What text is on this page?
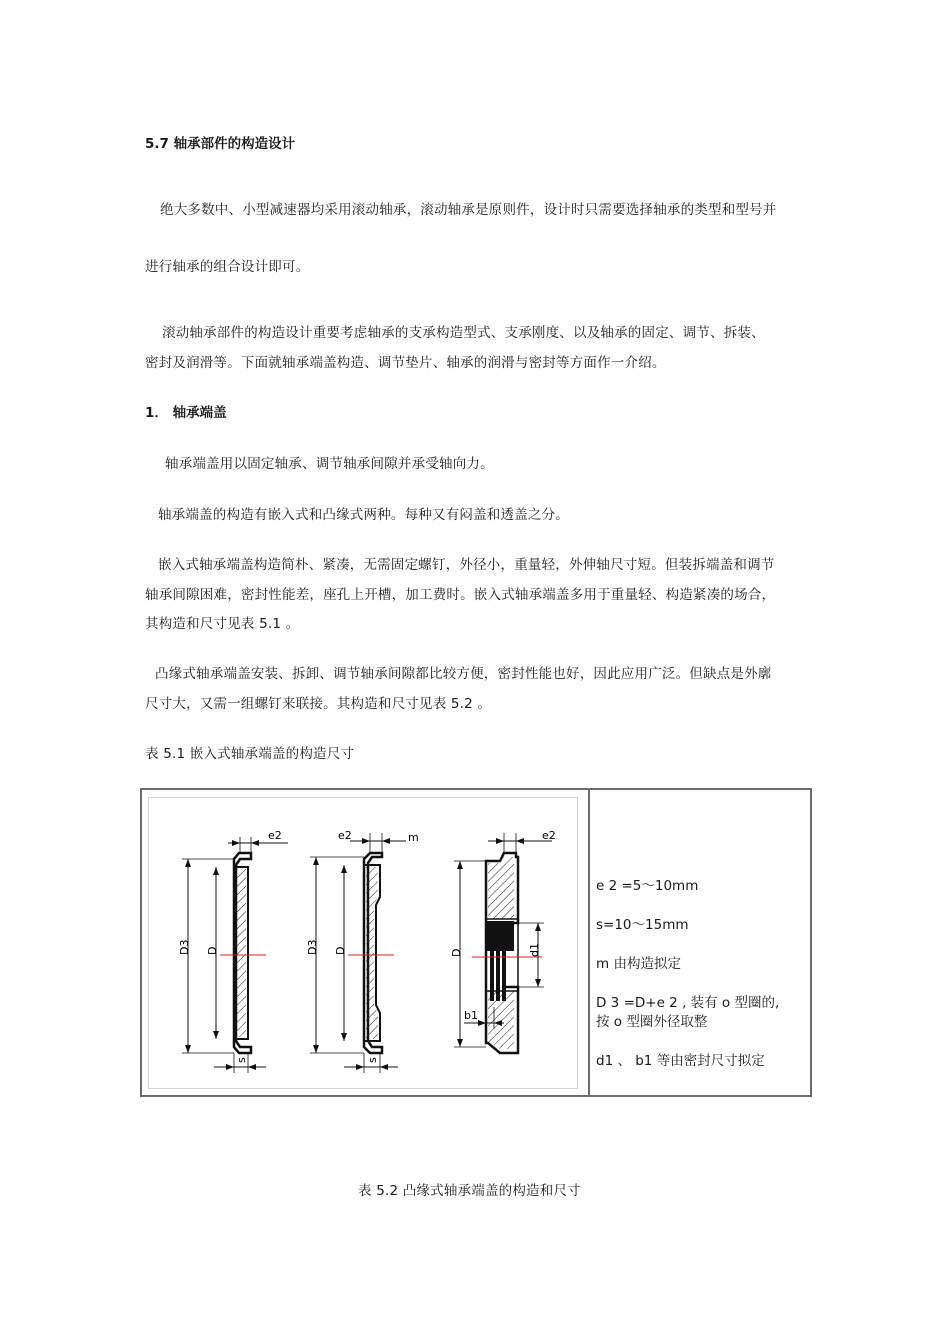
5.7 轴承部件的构造设计
绝大多数中、小型减速器均采用滚动轴承，滚动轴承是原则件，设计时只需要选择轴承的类型和型号并
进行轴承的组合设计即可。
滚动轴承部件的构造设计重要考虑轴承的支承构造型式、支承刚度、以及轴承的固定、调节、拆装、
密封及润滑等。下面就轴承端盖构造、调节垫片、轴承的润滑与密封等方面作一介绍。
1． 轴承端盖
轴承端盖用以固定轴承、调节轴承间隙并承受轴向力。
轴承端盖的构造有嵌入式和凸缘式两种。每种又有闷盖和透盖之分。
嵌入式轴承端盖构造简朴、紧凑，无需固定螺钉，外径小，重量轻，外伸轴尺寸短。但装拆端盖和调节
轴承间隙困难，密封性能差，座孔上开槽，加工费时。嵌入式轴承端盖多用于重量轻、构造紧凑的场合，
其构造和尺寸见表 5.1 。
凸缘式轴承端盖安装、拆卸、调节轴承间隙都比较方便，密封性能也好，因此应用广泛。但缺点是外廓
尺寸大，又需一组螺钉来联接。其构造和尺寸见表 5.2 。
表 5.1 嵌入式轴承端盖的构造尺寸
D3 D
e2
s
D3 D
e2	m
s
D	d1
e2
b1
e 2 =5～10mm
s=10～15mm
m 由构造拟定
D 3 =D+e 2 , 装有 o 型圈的,
按 o 型圈外径取整
d1 、 b1 等由密封尺寸拟定
表 5.2 凸缘式轴承端盖的构造和尺寸
